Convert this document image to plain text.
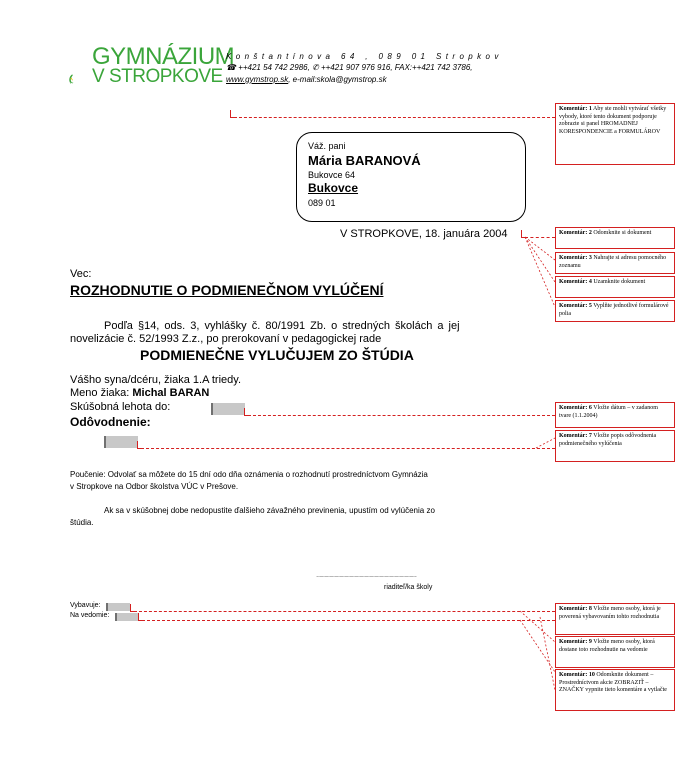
GYMNÁZIUM
V STROPKOVE
Konštantínova 64 , 089 01 Stropkov
☎ ++421 54 742 2986, ✆ ++421 907 976 916, FAX:++421 742 3786,
www.gymstrop.sk, e-mail:skola@gymstrop.sk
Váž. pani
Mária BARANOVÁ
Bukovce 64
Bukovce
089 01
V STROPKOVE, 18. januára 2004
Vec:
ROZHODNUTIE O PODMIENEČNOM VYLÚČENÍ
Podľa §14, ods. 3, vyhlášky č. 80/1991 Zb. o stredných školách a jej
novelizácie č. 52/1993 Z.z., po prerokovaní v pedagogickej rade
PODMIENEČNE VYLUČUJEM ZO ŠTÚDIA
Vášho syna/dcéru, žiaka 1.A triedy.
Meno žiaka: Michal BARAN
Skúšobná lehota do:
Odôvodnenie:
Poučenie: Odvolať sa môžete do 15 dní odo dňa oznámenia o rozhodnutí prostredníctvom Gymnázia
v Stropkove na Odbor školstva VÚC v Prešove.
Ak sa v skúšobnej dobe nedopustite ďalšieho závažného previnenia, upustím od vylúčenia zo
štúdia.
……………………………………………………
riaditeľ/ka školy
Vybavuje:
Na vedomie:
Komentár: 1 Aby ste mohli vytvárať všetky vybody, ktoré tento dokument podporuje zobrazte si panel HROMADNEJ KORESPONDENCIE a FORMULÁROV
Komentár: 2 Odomknite si dokument
Komentár: 3 Nahrajte si adresu pomocného zoznamu
Komentár: 4 Uzamknite dokument
Komentár: 5 Vyplňte jednotlivé formulárové polia
Komentár: 6 Vložte dátum – v zadanom tvare (1.1.2004)
Komentár: 7 Vložte popis odôvodnenia podmienečného vylúčenia
Komentár: 8 Vložte meno osoby, ktorá je poverená vybavovaním tohto rozhodnutia
Komentár: 9 Vložte meno osoby, ktorá dostane toto rozhodnutie na vedomie
Komentár: 10 Odomknite dokument – Prostredníctvom akcie ZOBRAZIŤ – ZNAČKY vypnite tieto komentáre a vytlačte
